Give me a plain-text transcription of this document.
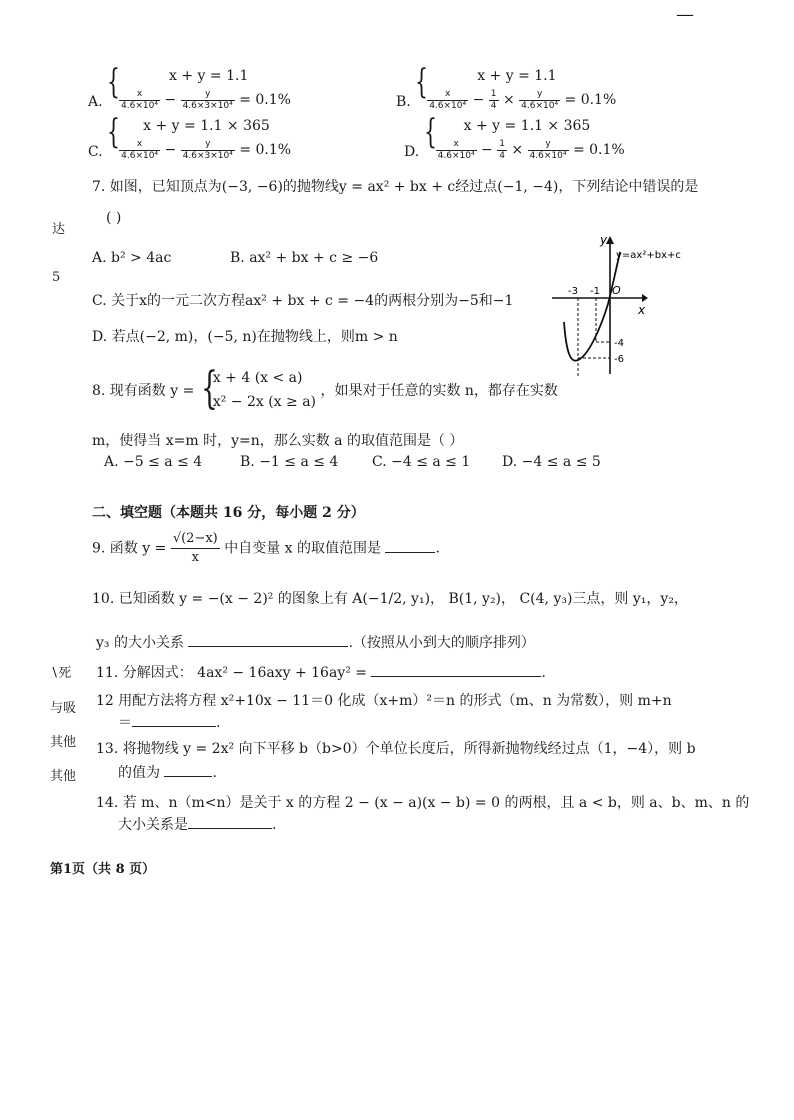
—
达
5
∖死
与吸
其他
其他
A. {	x + y = 1.1
$\frac{x}{\text{4.6×10⁴}} - \frac{y}{\text{4.6×3×10⁴}} = 0.1\%$	B. {	x + y = 1.1
$\frac{x}{\text{4.6×10⁴}} - \frac{1}{4} \times \frac{y}{\text{4.6×10⁴}} = 0.1\%$
C. {	x + y = 1.1 × 365
$\frac{x}{\text{4.6×10⁴}} - \frac{y}{\text{4.6×3×10⁴}} = 0.1\%$	D. {	x + y = 1.1 × 365
$\frac{x}{\text{4.6×10⁴}} - \frac{1}{4} \times \frac{y}{\text{4.6×10⁴}} = 0.1\%$
7. 如图，已知顶点为(−3, −6)的抛物线y = ax² + bx + c经过点(−1, −4)，下列结论中错误的是
( )
A. b² > 4ac	B. ax² + bx + c ≥ −6
C. 关于x的一元二次方程ax² + bx + c = −4的两根分别为−5和−1
D. 若点(−2, m)，(−5, n)在抛物线上，则m > n
y
x
O
y=ax²+bx+c
-3 -1
-4
-6
8. 现有函数 y = {
x + 4 (x < a)
x² − 2x (x ≥ a)
，如果对于任意的实数 n，都存在实数
m，使得当 x=m 时，y=n，那么实数 a 的取值范围是（ ）
A. −5 ≤ a ≤ 4	B. −1 ≤ a ≤ 4 C. −4 ≤ a ≤ 1 D. −4 ≤ a ≤ 5
二、填空题（本题共 16 分，每小题 2 分）
9. 函数 $y = \frac{√(2-x)}{x}$ 中自变量 x 的取值范围是	.
10. 已知函数 y = −(x − 2)² 的图象上有 A(−1/2, y₁)， B(1, y₂)， C(4, y₃)三点，则 y₁，y₂，
y₃ 的大小关系	.（按照从小到大的顺序排列）
11. 分解因式： 4ax² − 16axy + 16ay² =	.
12 用配方法将方程 x²+10x − 11＝0 化成（x+m）²＝n 的形式（m、n 为常数），则 m+n
＝	.
13. 将抛物线 y = 2x² 向下平移 b（b>0）个单位长度后，所得新抛物线经过点（1，−4），则 b
的值为	.
14. 若 m、n（m<n）是关于 x 的方程 2 − (x − a)(x − b) = 0 的两根，且 a < b，则 a、b、m、n 的
大小关系是	.
第1页（共 8 页）
